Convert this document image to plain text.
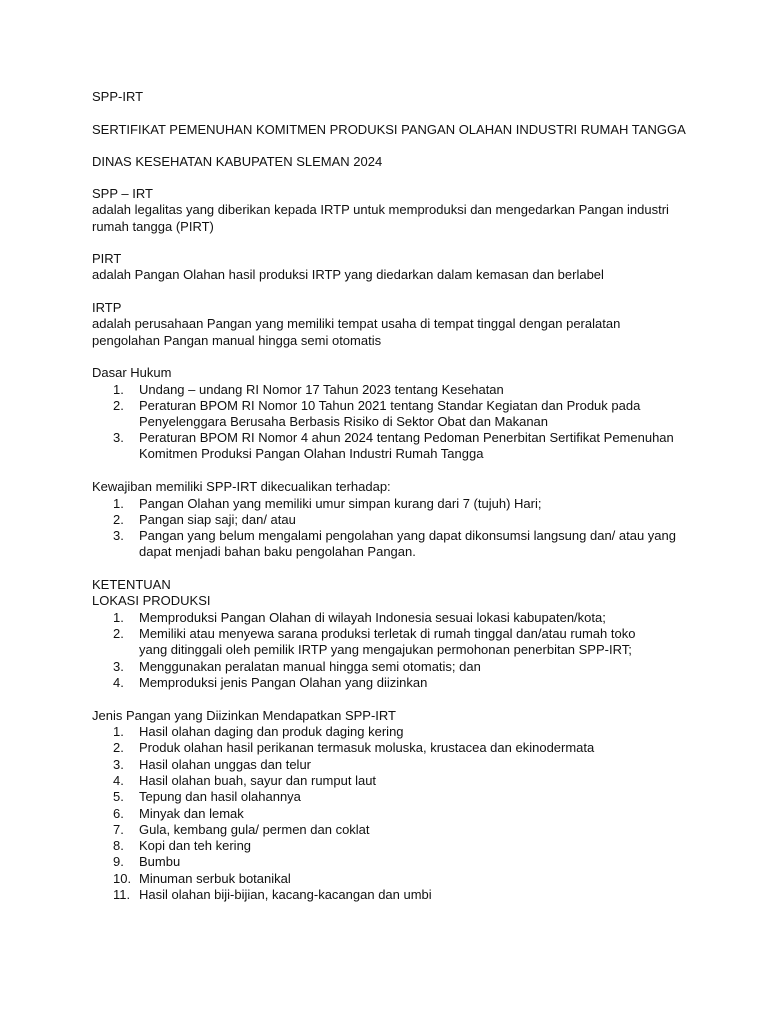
SPP-IRT
SERTIFIKAT PEMENUHAN KOMITMEN PRODUKSI PANGAN OLAHAN INDUSTRI RUMAH TANGGA
DINAS KESEHATAN KABUPATEN SLEMAN 2024
SPP – IRT
adalah legalitas yang diberikan kepada IRTP untuk memproduksi dan mengedarkan Pangan industri
rumah tangga (PIRT)
PIRT
adalah Pangan Olahan hasil produksi IRTP yang diedarkan dalam kemasan dan berlabel
IRTP
adalah perusahaan Pangan yang memiliki tempat usaha di tempat tinggal dengan peralatan
pengolahan Pangan manual hingga semi otomatis
Dasar Hukum
1.	Undang – undang RI Nomor 17 Tahun 2023 tentang Kesehatan
2.	Peraturan BPOM RI Nomor 10 Tahun 2021 tentang Standar Kegiatan dan Produk pada
Penyelenggara Berusaha Berbasis Risiko di Sektor Obat dan Makanan
3.	Peraturan BPOM RI Nomor 4 ahun 2024 tentang Pedoman Penerbitan Sertifikat Pemenuhan
Komitmen Produksi Pangan Olahan Industri Rumah Tangga
Kewajiban memiliki SPP-IRT dikecualikan terhadap:
1.	Pangan Olahan yang memiliki umur simpan kurang dari 7 (tujuh) Hari;
2.	Pangan siap saji; dan/ atau
3.	Pangan yang belum mengalami pengolahan yang dapat dikonsumsi langsung dan/ atau yang
dapat menjadi bahan baku pengolahan Pangan.
KETENTUAN
LOKASI PRODUKSI
1.	Memproduksi Pangan Olahan di wilayah Indonesia sesuai lokasi kabupaten/kota;
2.	Memiliki atau menyewa sarana produksi terletak di rumah tinggal dan/atau rumah toko
yang ditinggali oleh pemilik IRTP yang mengajukan permohonan penerbitan SPP-IRT;
3.	Menggunakan peralatan manual hingga semi otomatis; dan
4.	Memproduksi jenis Pangan Olahan yang diizinkan
Jenis Pangan yang Diizinkan Mendapatkan SPP-IRT
1.	Hasil olahan daging dan produk daging kering
2.	Produk olahan hasil perikanan termasuk moluska, krustacea dan ekinodermata
3.	Hasil olahan unggas dan telur
4.	Hasil olahan buah, sayur dan rumput laut
5.	Tepung dan hasil olahannya
6.	Minyak dan lemak
7.	Gula, kembang gula/ permen dan coklat
8.	Kopi dan teh kering
9.	Bumbu
10. Minuman serbuk botanikal
11. Hasil olahan biji-bijian, kacang-kacangan dan umbi
